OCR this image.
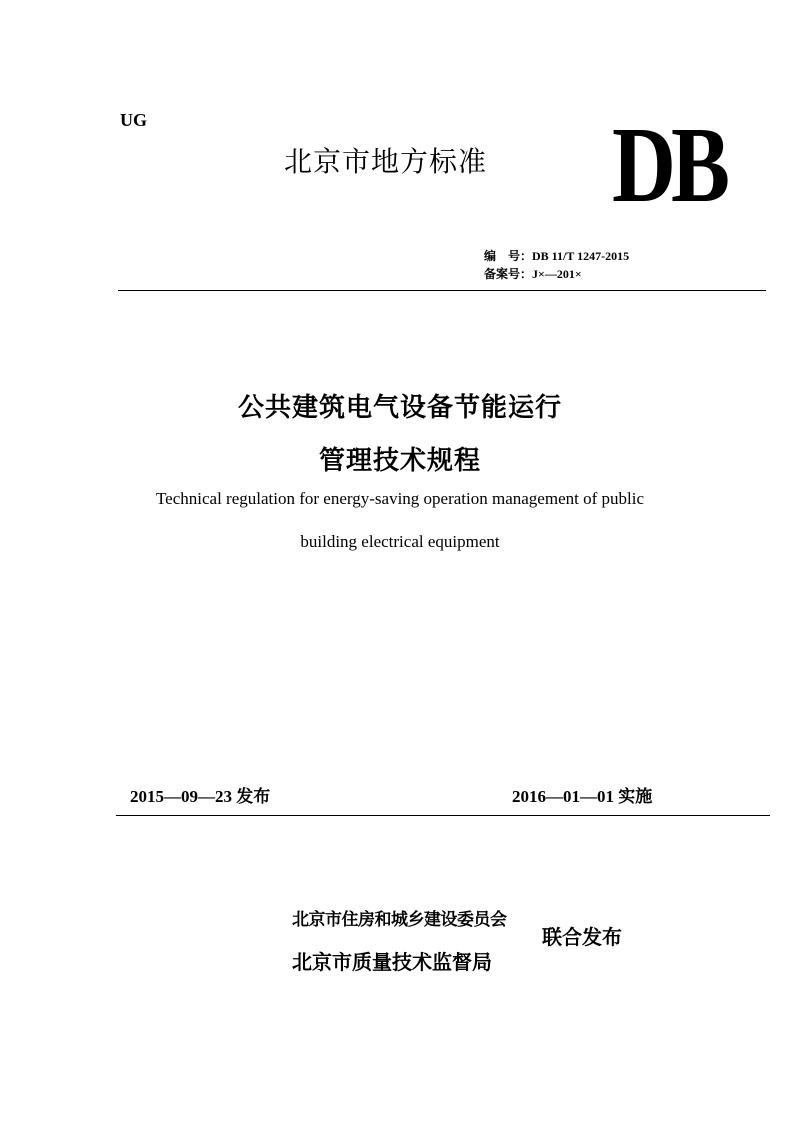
UG
北京市地方标准 DB
编　号：DB 11/T 1247-2015
备案号：J×—201×
公共建筑电气设备节能运行
管理技术规程
Technical regulation for energy-saving operation management of public
building electrical equipment
2015—09—23 发布	2016—01—01 实施
北京市住房和城乡建设委员会
北京市质量技术监督局
联合发布
